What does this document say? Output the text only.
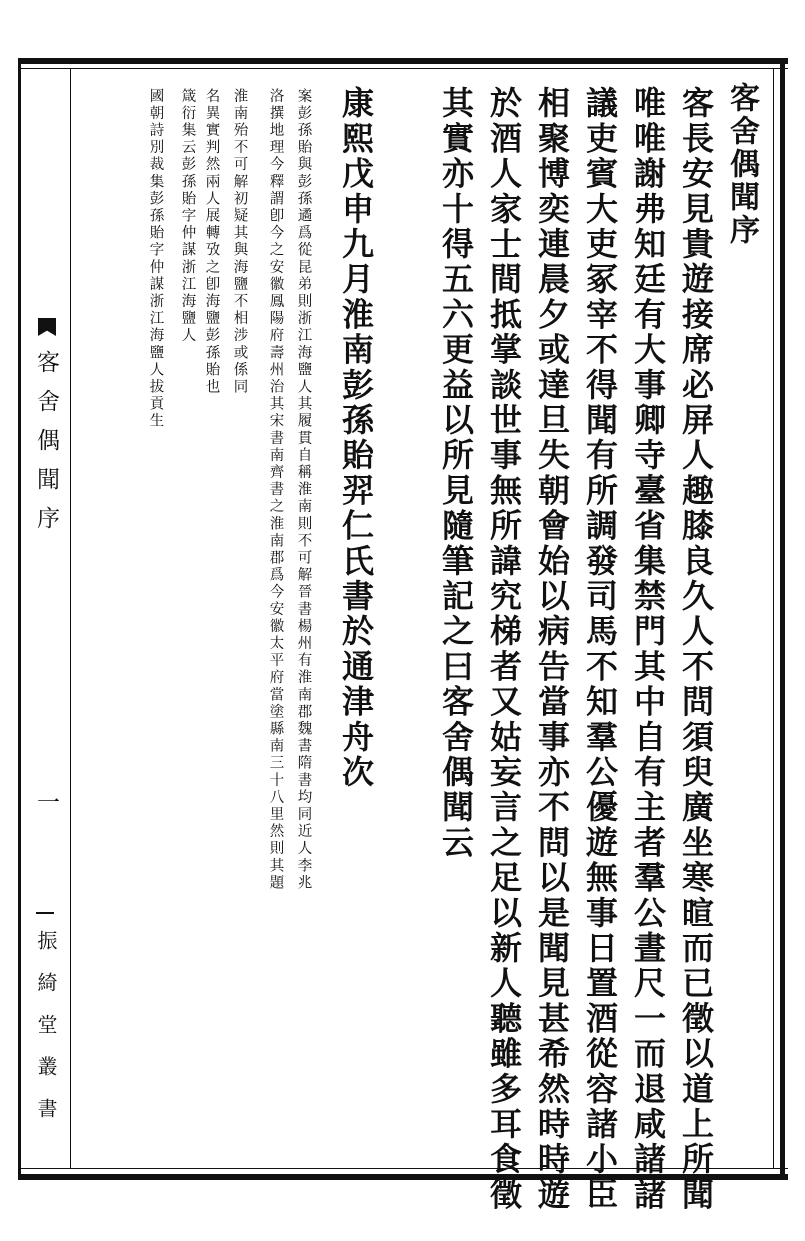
客舍偶聞序
客長安見貴遊接席必屏人趣膝良久人不問須臾廣坐寒暄而已徵以道上所聞
唯唯謝弗知廷有大事卿寺臺省集禁門其中自有主者羣公晝尺一而退咸諸諸
議吏賓大吏冢宰不得聞有所調發司馬不知羣公優遊無事日置酒從容諸小臣
相聚博奕連晨夕或達旦失朝會始以病告當事亦不問以是聞見甚希然時時遊
於酒人家士間抵掌談世事無所諱究梯者又姑妄言之足以新人聽雖多耳食徵
其實亦十得五六更益以所見隨筆記之曰客舍偶聞云
康熙戊申九月淮南彭孫貽羿仁氏書於通津舟次
案彭孫貽與彭孫遹爲從昆弟則浙江海鹽人其履貫自稱淮南則不可解晉書楊州有淮南郡魏書隋書均同近人李兆
洛撰地理今釋謂卽今之安徽鳳陽府壽州治其宋書南齊書之淮南郡爲今安徽太平府當塗縣南三十八里然則其題
淮南殆不可解初疑其與海鹽不相涉或係同
名異實判然兩人展轉攷之卽海鹽彭孫貽也
箴衍集云彭孫貽字仲謀浙江海鹽人
國朝詩別裁集彭孫貽字仲謀浙江海鹽人拔貢生
客舍偶聞序
一
振綺堂叢書
